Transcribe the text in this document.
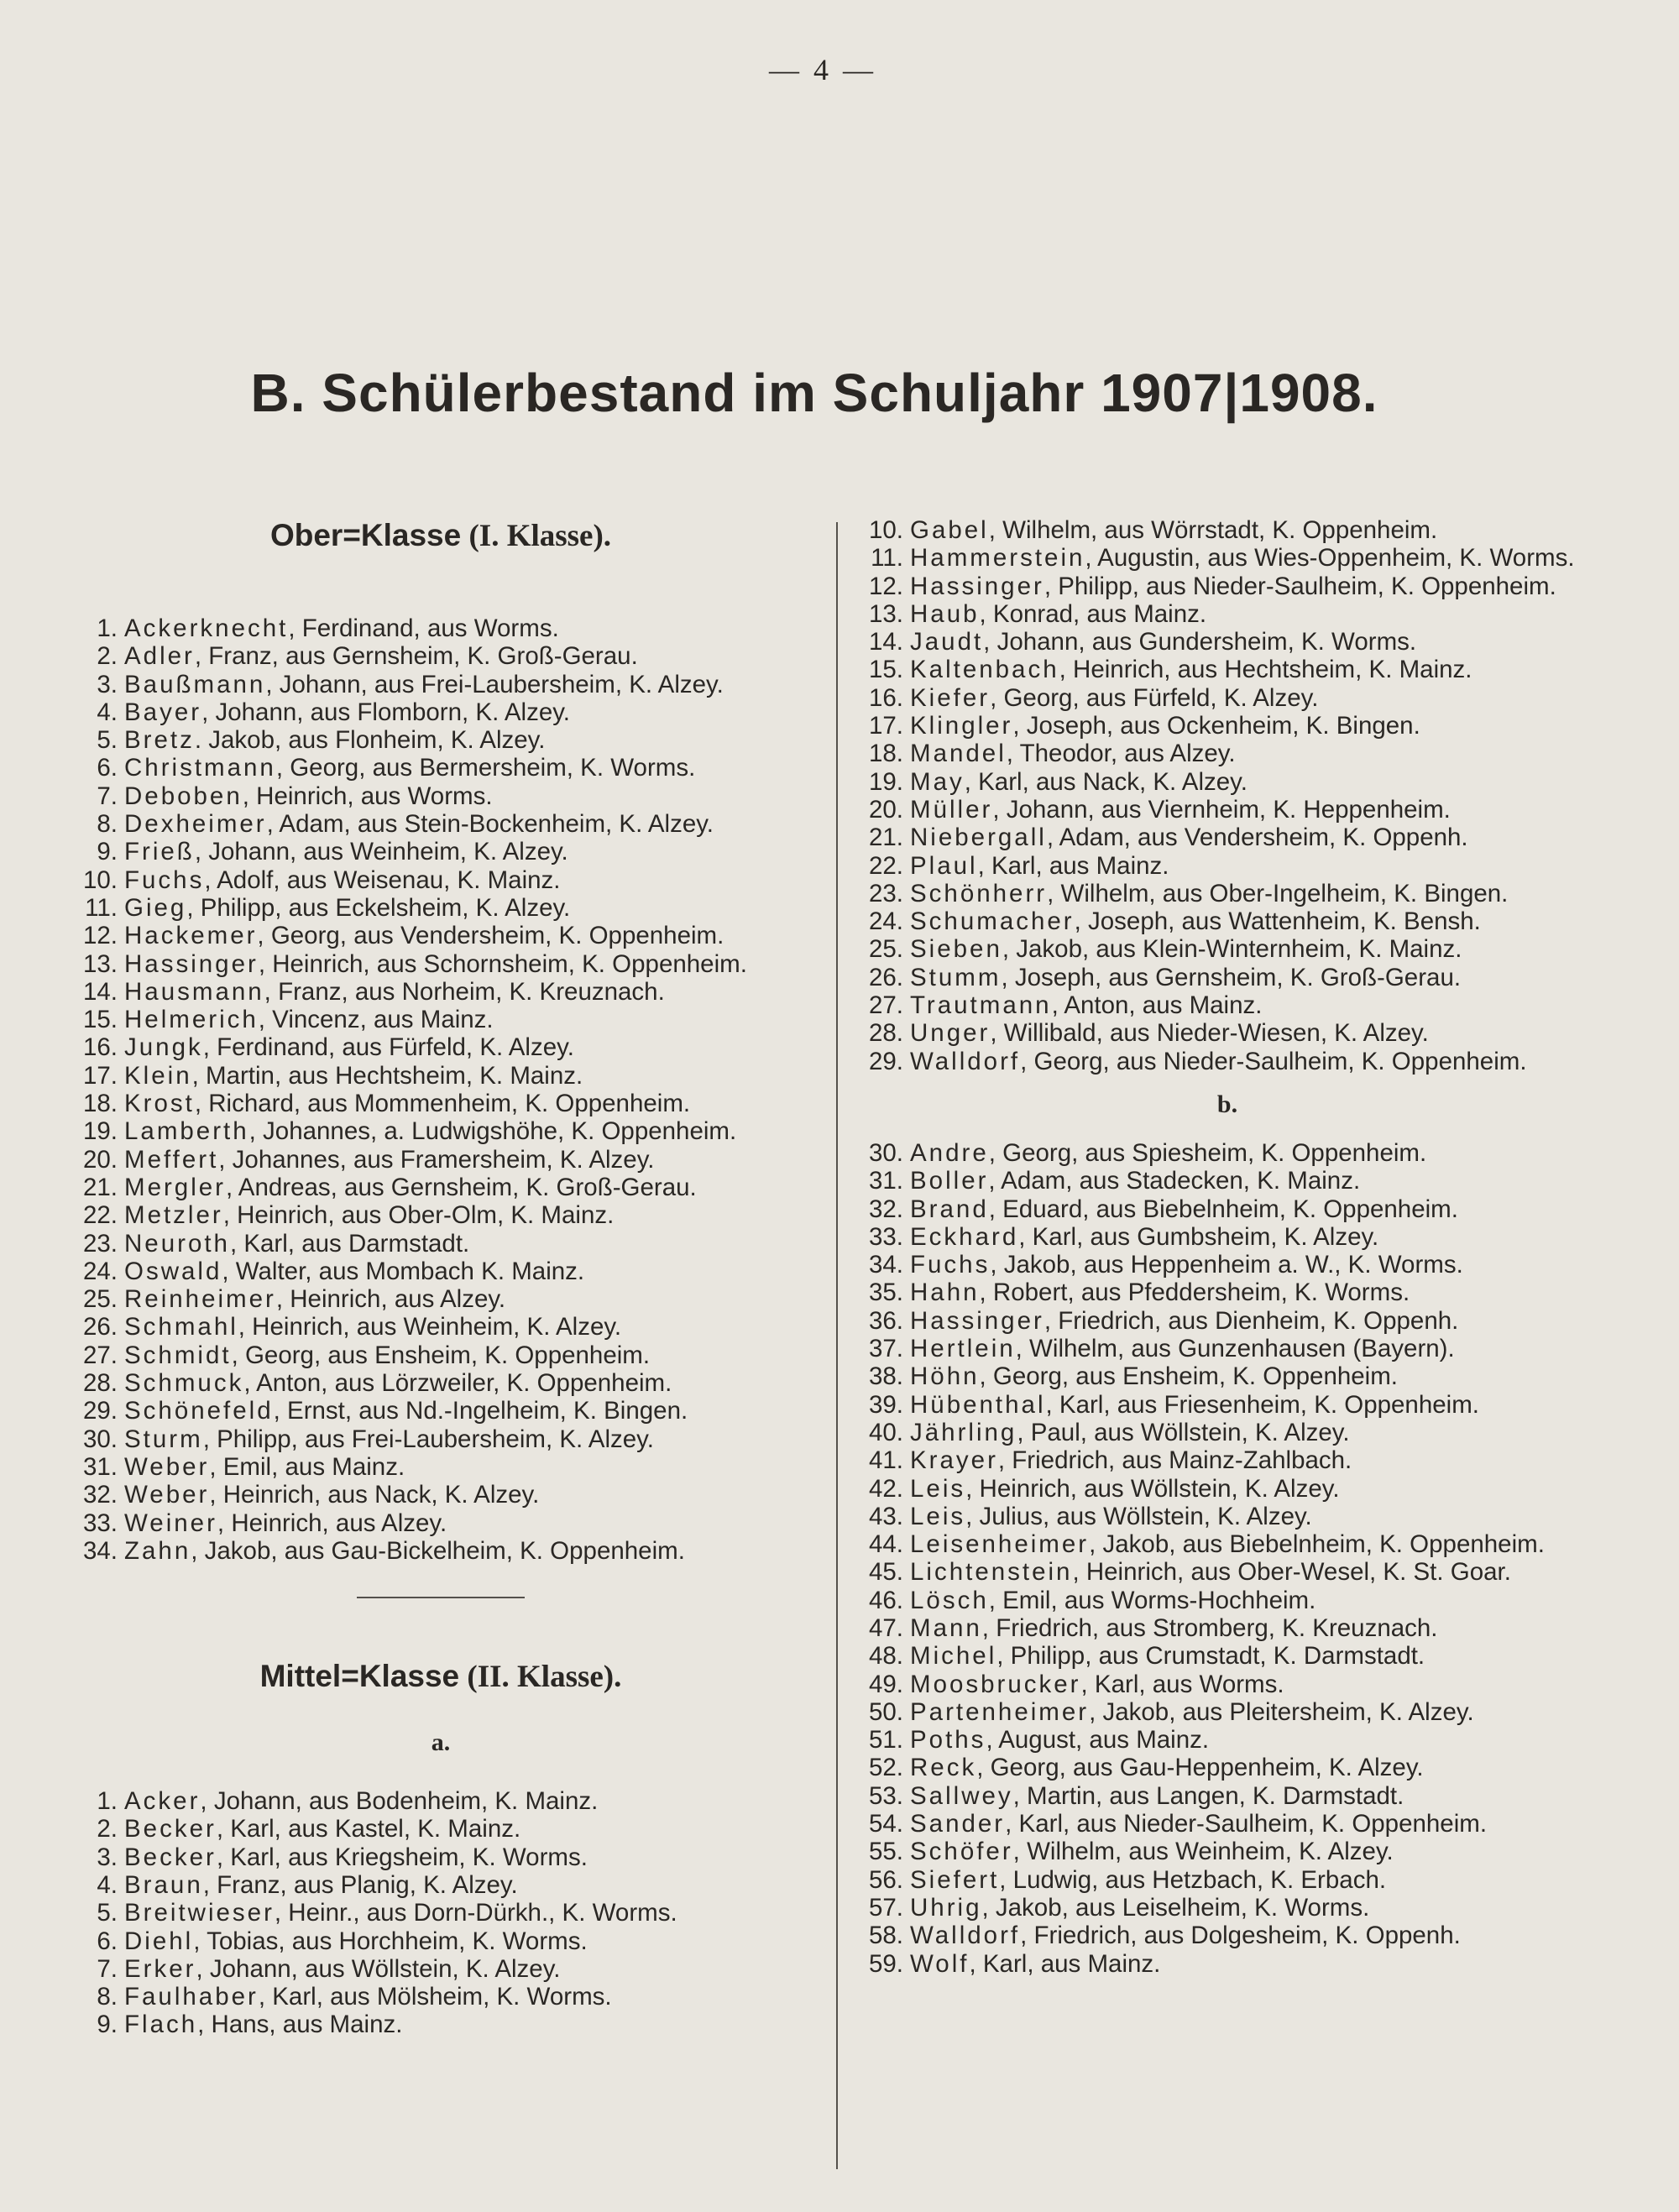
— 4 —
B. Schülerbestand im Schuljahr 1907|1908.
Ober=Klasse (I. Klasse).
1. Ackerknecht, Ferdinand, aus Worms.
2. Adler, Franz, aus Gernsheim, K. Groß-Gerau.
3. Baußmann, Johann, aus Frei-Laubersheim, K. Alzey.
4. Bayer, Johann, aus Flomborn, K. Alzey.
5. Bretz. Jakob, aus Flonheim, K. Alzey.
6. Christmann, Georg, aus Bermersheim, K. Worms.
7. Deboben, Heinrich, aus Worms.
8. Dexheimer, Adam, aus Stein-Bockenheim, K. Alzey.
9. Frieß, Johann, aus Weinheim, K. Alzey.
10. Fuchs, Adolf, aus Weisenau, K. Mainz.
11. Gieg, Philipp, aus Eckelsheim, K. Alzey.
12. Hackemer, Georg, aus Vendersheim, K. Oppenheim.
13. Hassinger, Heinrich, aus Schornsheim, K. Oppenheim.
14. Hausmann, Franz, aus Norheim, K. Kreuznach.
15. Helmerich, Vincenz, aus Mainz.
16. Jungk, Ferdinand, aus Fürfeld, K. Alzey.
17. Klein, Martin, aus Hechtsheim, K. Mainz.
18. Krost, Richard, aus Mommenheim, K. Oppenheim.
19. Lamberth, Johannes, a. Ludwigshöhe, K. Oppenheim.
20. Meffert, Johannes, aus Framersheim, K. Alzey.
21. Mergler, Andreas, aus Gernsheim, K. Groß-Gerau.
22. Metzler, Heinrich, aus Ober-Olm, K. Mainz.
23. Neuroth, Karl, aus Darmstadt.
24. Oswald, Walter, aus Mombach K. Mainz.
25. Reinheimer, Heinrich, aus Alzey.
26. Schmahl, Heinrich, aus Weinheim, K. Alzey.
27. Schmidt, Georg, aus Ensheim, K. Oppenheim.
28. Schmuck, Anton, aus Lörzweiler, K. Oppenheim.
29. Schönefeld, Ernst, aus Nd.-Ingelheim, K. Bingen.
30. Sturm, Philipp, aus Frei-Laubersheim, K. Alzey.
31. Weber, Emil, aus Mainz.
32. Weber, Heinrich, aus Nack, K. Alzey.
33. Weiner, Heinrich, aus Alzey.
34. Zahn, Jakob, aus Gau-Bickelheim, K. Oppenheim.
Mittel=Klasse (II. Klasse).
a.
1. Acker, Johann, aus Bodenheim, K. Mainz.
2. Becker, Karl, aus Kastel, K. Mainz.
3. Becker, Karl, aus Kriegsheim, K. Worms.
4. Braun, Franz, aus Planig, K. Alzey.
5. Breitwieser, Heinr., aus Dorn-Dürkh., K. Worms.
6. Diehl, Tobias, aus Horchheim, K. Worms.
7. Erker, Johann, aus Wöllstein, K. Alzey.
8. Faulhaber, Karl, aus Mölsheim, K. Worms.
9. Flach, Hans, aus Mainz.
10. Gabel, Wilhelm, aus Wörrstadt, K. Oppenheim.
11. Hammerstein, Augustin, aus Wies-Oppenheim, K. Worms.
12. Hassinger, Philipp, aus Nieder-Saulheim, K. Oppenheim.
13. Haub, Konrad, aus Mainz.
14. Jaudt, Johann, aus Gundersheim, K. Worms.
15. Kaltenbach, Heinrich, aus Hechtsheim, K. Mainz.
16. Kiefer, Georg, aus Fürfeld, K. Alzey.
17. Klingler, Joseph, aus Ockenheim, K. Bingen.
18. Mandel, Theodor, aus Alzey.
19. May, Karl, aus Nack, K. Alzey.
20. Müller, Johann, aus Viernheim, K. Heppenheim.
21. Niebergall, Adam, aus Vendersheim, K. Oppenh.
22. Plaul, Karl, aus Mainz.
23. Schönherr, Wilhelm, aus Ober-Ingelheim, K. Bingen.
24. Schumacher, Joseph, aus Wattenheim, K. Bensh.
25. Sieben, Jakob, aus Klein-Winternheim, K. Mainz.
26. Stumm, Joseph, aus Gernsheim, K. Groß-Gerau.
27. Trautmann, Anton, aus Mainz.
28. Unger, Willibald, aus Nieder-Wiesen, K. Alzey.
29. Walldorf, Georg, aus Nieder-Saulheim, K. Oppenheim.
b.
30. Andre, Georg, aus Spiesheim, K. Oppenheim.
31. Boller, Adam, aus Stadecken, K. Mainz.
32. Brand, Eduard, aus Biebelnheim, K. Oppenheim.
33. Eckhard, Karl, aus Gumbsheim, K. Alzey.
34. Fuchs, Jakob, aus Heppenheim a. W., K. Worms.
35. Hahn, Robert, aus Pfeddersheim, K. Worms.
36. Hassinger, Friedrich, aus Dienheim, K. Oppenh.
37. Hertlein, Wilhelm, aus Gunzenhausen (Bayern).
38. Höhn, Georg, aus Ensheim, K. Oppenheim.
39. Hübenthal, Karl, aus Friesenheim, K. Oppenheim.
40. Jährling, Paul, aus Wöllstein, K. Alzey.
41. Krayer, Friedrich, aus Mainz-Zahlbach.
42. Leis, Heinrich, aus Wöllstein, K. Alzey.
43. Leis, Julius, aus Wöllstein, K. Alzey.
44. Leisenheimer, Jakob, aus Biebelnheim, K. Oppenheim.
45. Lichtenstein, Heinrich, aus Ober-Wesel, K. St. Goar.
46. Lösch, Emil, aus Worms-Hochheim.
47. Mann, Friedrich, aus Stromberg, K. Kreuznach.
48. Michel, Philipp, aus Crumstadt, K. Darmstadt.
49. Moosbrucker, Karl, aus Worms.
50. Partenheimer, Jakob, aus Pleitersheim, K. Alzey.
51. Poths, August, aus Mainz.
52. Reck, Georg, aus Gau-Heppenheim, K. Alzey.
53. Sallwey, Martin, aus Langen, K. Darmstadt.
54. Sander, Karl, aus Nieder-Saulheim, K. Oppenheim.
55. Schöfer, Wilhelm, aus Weinheim, K. Alzey.
56. Siefert, Ludwig, aus Hetzbach, K. Erbach.
57. Uhrig, Jakob, aus Leiselheim, K. Worms.
58. Walldorf, Friedrich, aus Dolgesheim, K. Oppenh.
59. Wolf, Karl, aus Mainz.
